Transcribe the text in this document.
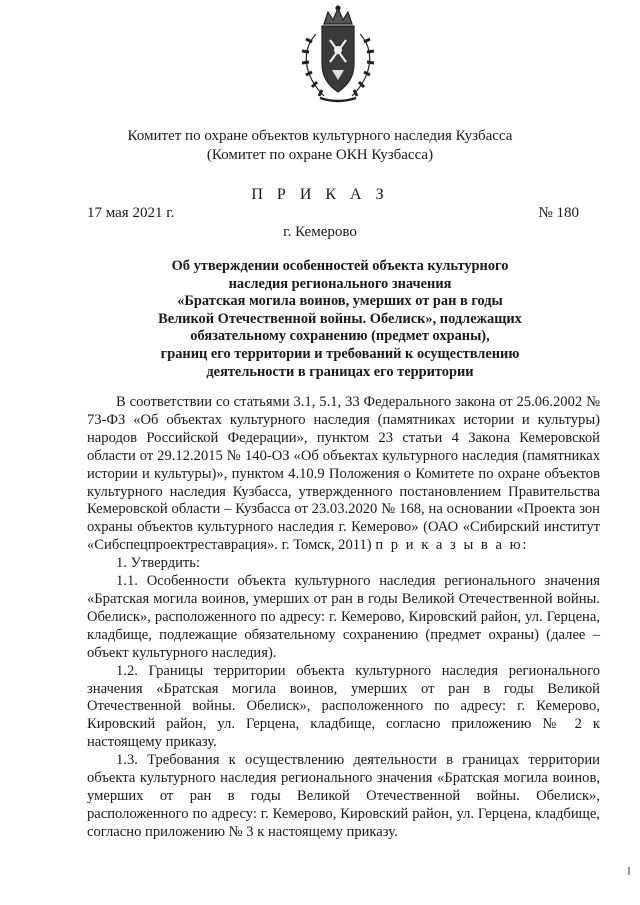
Комитет по охране объектов культурного наследия Кузбасса
(Комитет по охране ОКН Кузбасса)
П Р И К А З
17 мая 2021 г.	№ 180
г. Кемерово
Об утверждении особенностей объекта культурного
наследия регионального значения
«Братская могила воинов, умерших от ран в годы
Великой Отечественной войны. Обелиск», подлежащих
обязательному сохранению (предмет охраны),
границ его территории и требований к осуществлению
деятельности в границах его территории

В соответствии со статьями 3.1, 5.1, 33 Федерального закона от 25.06.2002 № 73-ФЗ «Об объектах культурного наследия (памятниках истории и культуры) народов Российской Федерации», пунктом 23 статьи 4 Закона Кемеровской области от 29.12.2015 № 140-ОЗ «Об объектах культурного наследия (памятниках истории и культуры)», пунктом 4.10.9 Положения о Комитете по охране объектов культурного наследия Кузбасса, утвержденного постановлением Правительства Кемеровской области – Кузбасса от 23.03.2020 № 168, на основании «Проекта зон охраны объектов культурного наследия г. Кемерово» (ОАО «Сибирский институт «Сибспецпроектреставрация». г. Томск, 2011) п р и к а з ы в а ю:

1. Утвердить:

1.1. Особенности объекта культурного наследия регионального значения «Братская могила воинов, умерших от ран в годы Великой Отечественной войны. Обелиск», расположенного по адресу: г. Кемерово, Кировский район, ул. Герцена, кладбище, подлежащие обязательному сохранению (предмет охраны) (далее – объект культурного наследия).

1.2. Границы территории объекта культурного наследия регионального значения «Братская могила воинов, умерших от ран в годы Великой Отечественной войны. Обелиск», расположенного по адресу: г. Кемерово, Кировский район, ул. Герцена, кладбище, согласно приложению № 2 к настоящему приказу.

1.3. Требования к осуществлению деятельности в границах территории объекта культурного наследия регионального значения «Братская могила воинов, умерших от ран в годы Великой Отечественной войны. Обелиск», расположенного по адресу: г. Кемерово, Кировский район, ул. Герцена, кладбище, согласно приложению № 3 к настоящему приказу.
